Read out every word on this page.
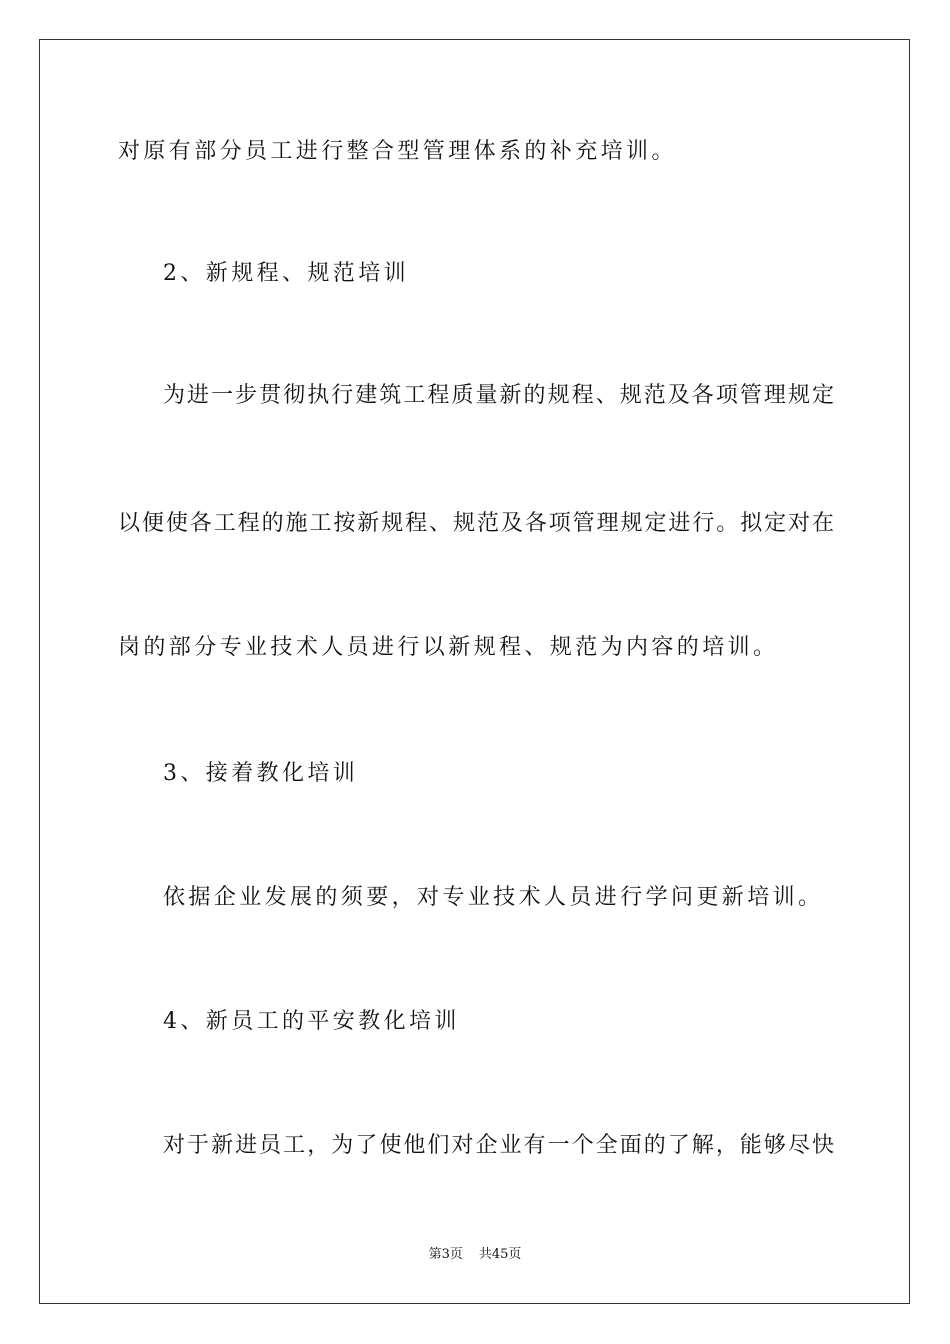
对原有部分员工进行整合型管理体系的补充培训。
2、新规程、规范培训
为进一步贯彻执行建筑工程质量新的规程、规范及各项管理规定
以便使各工程的施工按新规程、规范及各项管理规定进行。拟定对在
岗的部分专业技术人员进行以新规程、规范为内容的培训。
3、接着教化培训
依据企业发展的须要，对专业技术人员进行学问更新培训。
4、新员工的平安教化培训
对于新进员工，为了使他们对企业有一个全面的了解，能够尽快
第3页 共45页
